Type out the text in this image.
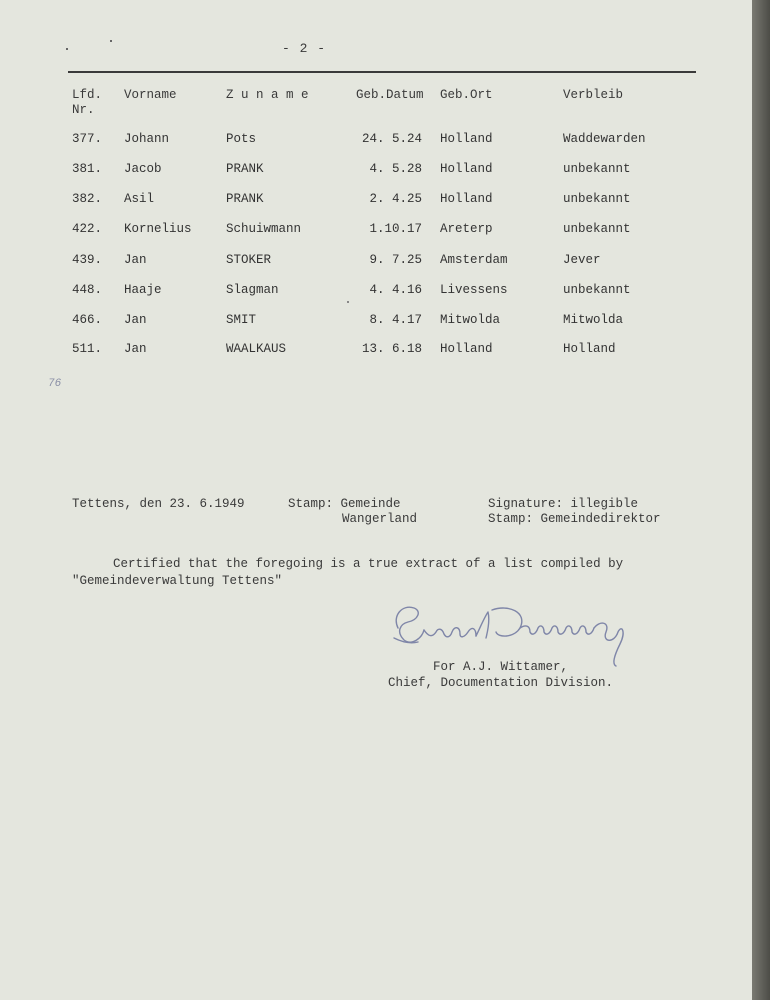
- 2 -
Lfd.
Nr.
Vorname	Z u n a m e	Geb.Datum Geb.Ort	Verbleib
377. Johann	Pots	24. 5.24 Holland	Waddewarden
381. Jacob	PRANK	4. 5.28 Holland	unbekannt
382. Asil	PRANK	2. 4.25 Holland	unbekannt
422. Kornelius	Schuiwmann	1.10.17 Areterp	unbekannt
439. Jan	STOKER	9. 7.25 Amsterdam	Jever
448. Haaje	Slagman	4. 4.16 Livessens	unbekannt
466. Jan	SMIT	8. 4.17 Mitwolda	Mitwolda
511. Jan	WAALKAUS	13. 6.18 Holland	Holland
76
Tettens, den 23. 6.1949	Stamp: Gemeinde
Wangerland
Signature: illegible
Stamp: Gemeindedirektor
Certified that the foregoing is a true extract of a list compiled by
"Gemeindeverwaltung Tettens"
For A.J. Wittamer,
Chief, Documentation Division.
